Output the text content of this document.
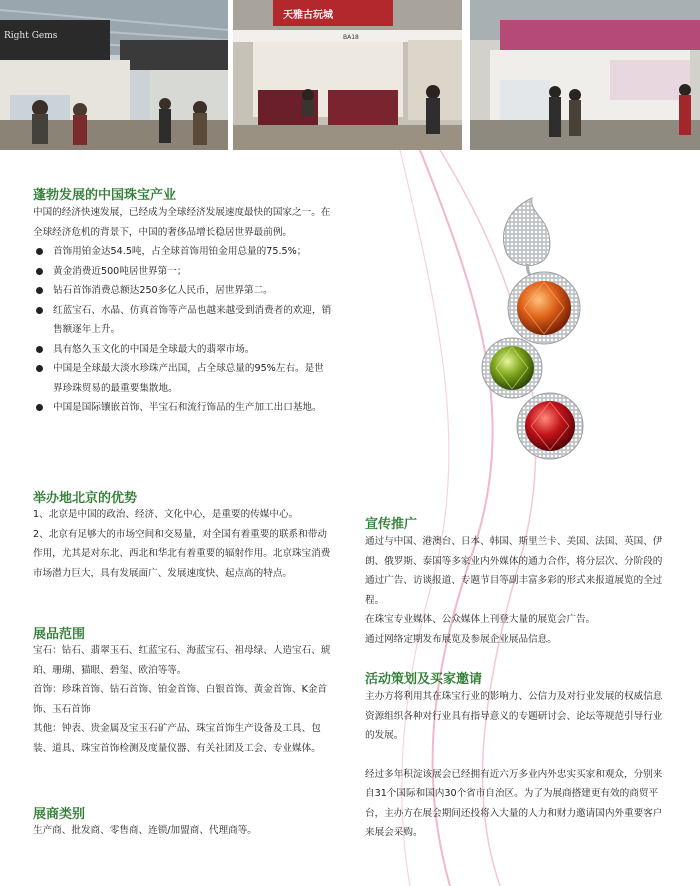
Right Gems
天雅古玩城
BA18
蓬勃发展的中国珠宝产业

中国的经济快速发展，已经成为全球经济发展速度最快的国家之一。在全球经济危机的背景下，中国的奢侈品增长稳居世界最前例。

首饰用铂金达54.5吨，占全球首饰用铂金用总量的75.5%；
黄金消费近500吨居世界第一；
钻石首饰消费总额达250多亿人民币，居世界第二。
红蓝宝石、水晶、仿真首饰等产品也越来越受到消费者的欢迎，销售额逐年上升。
具有悠久玉文化的中国是全球最大的翡翠市场。
中国是全球最大淡水珍珠产出国，占全球总量的95%左右。是世界珍珠贸易的最重要集散地。
中国是国际镶嵌首饰、半宝石和流行饰品的生产加工出口基地。
举办地北京的优势

1、北京是中国的政治、经济、文化中心，是重要的传媒中心。

2、北京有足够大的市场空间和交易量，对全国有着重要的联系和带动作用，尤其是对东北、西北和华北有着重要的辐射作用。北京珠宝消费市场潜力巨大，具有发展面广、发展速度快、起点高的特点。

展品范围

宝石：钻石、翡翠玉石、红蓝宝石、海蓝宝石、祖母绿、人造宝石、琥珀、珊瑚、猫眼、碧玺、欧泊等等。

首饰：珍珠首饰、钻石首饰、铂金首饰、白银首饰、黄金首饰、K金首饰、玉石首饰

其他：钟表、贵金属及宝玉石矿产品、珠宝首饰生产设备及工具、包装、道具、珠宝首饰检测及度量仪器、有关社团及工会、专业媒体。

展商类别

生产商、批发商、零售商、连锁/加盟商、代理商等。

宣传推广

通过与中国、港澳台、日本、韩国、斯里兰卡、美国、法国、英国、伊朗、俄罗斯、泰国等多家业内外媒体的通力合作，将分层次、分阶段的通过广告、访谈报道、专题节目等副丰富多彩的形式来报道展览的全过程。

在珠宝专业媒体、公众媒体上刊登大量的展览会广告。

通过网络定期发布展览及参展企业展品信息。

活动策划及买家邀请

主办方将利用其在珠宝行业的影响力、公信力及对行业发展的权威信息资源组织各种对行业具有指导意义的专题研讨会、论坛等规范引导行业的发展。

经过多年积淀该展会已经拥有近六万多业内外忠实买家和观众，分别来自31个国际和国内30个省市自治区。为了为展商搭建更有效的商贸平台，主办方在展会期间还投将入大量的人力和财力邀请国内外重要客户来展会采购。
